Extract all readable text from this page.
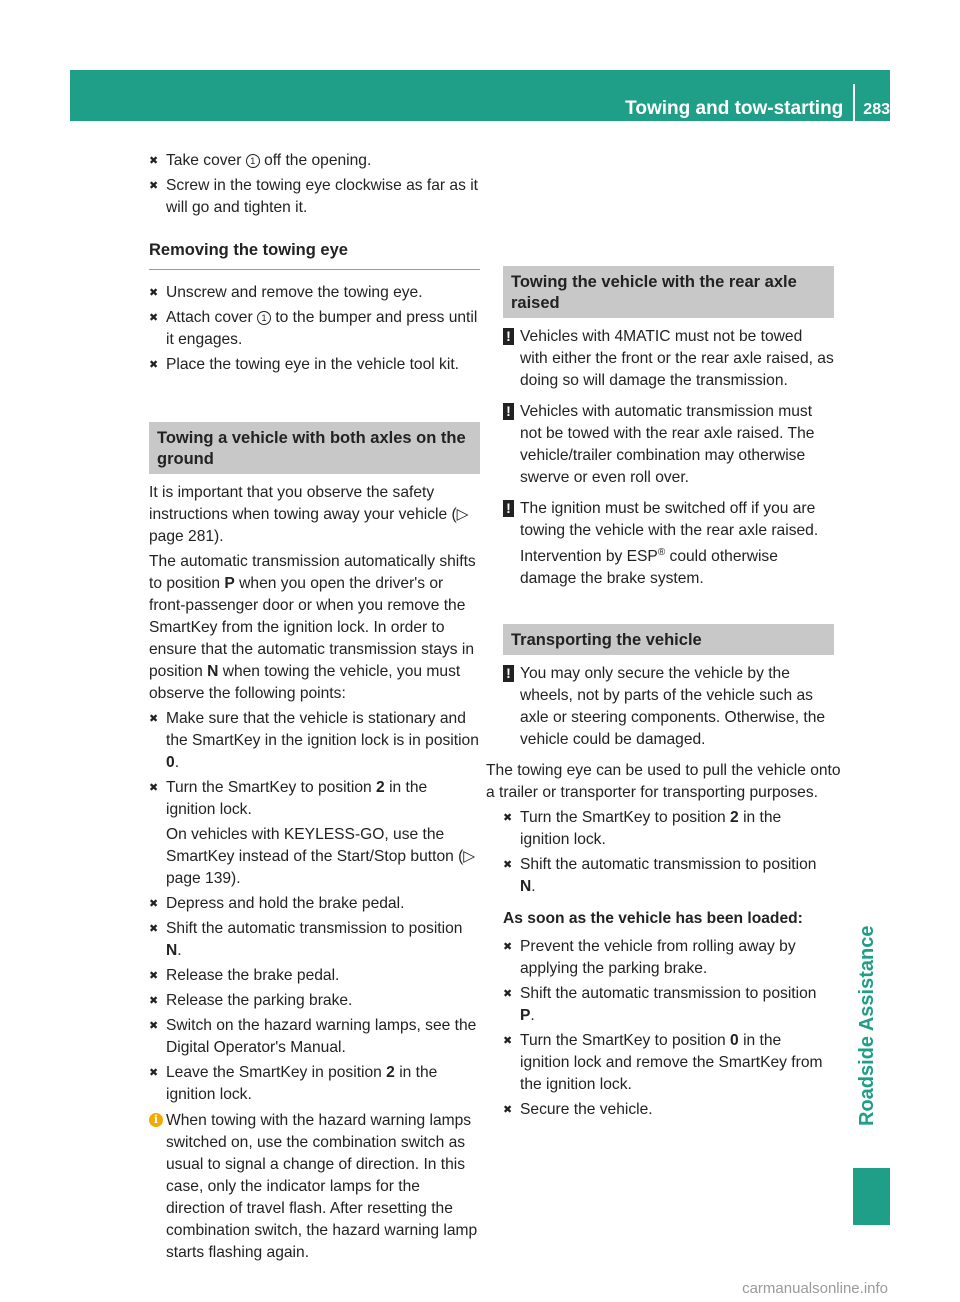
Towing and tow-starting 283
Roadside Assistance
✖ Take cover 1 off the opening.
✖ Screw in the towing eye clockwise as far as it will go and tighten it.
Removing the towing eye
✖ Unscrew and remove the towing eye.
✖ Attach cover 1 to the bumper and press until it engages.
✖ Place the towing eye in the vehicle tool kit.
Towing a vehicle with both axles on the ground

It is important that you observe the safety instructions when towing away your vehicle (▷ page 281).

The automatic transmission automatically shifts to position P when you open the driver's or front-passenger door or when you remove the SmartKey from the ignition lock. In order to ensure that the automatic transmission stays in position N when towing the vehicle, you must observe the following points:

✖ Make sure that the vehicle is stationary and the SmartKey in the ignition lock is in position 0.
✖ Turn the SmartKey to position 2 in the ignition lock.
On vehicles with KEYLESS-GO, use the SmartKey instead of the Start/Stop button (▷ page 139).
✖ Depress and hold the brake pedal.
✖ Shift the automatic transmission to position N.
✖ Release the brake pedal.
✖ Release the parking brake.
✖ Switch on the hazard warning lamps, see the Digital Operator's Manual.
✖ Leave the SmartKey in position 2 in the ignition lock.
i When towing with the hazard warning lamps switched on, use the combination switch as usual to signal a change of direction. In this case, only the indicator lamps for the direction of travel flash. After resetting the combination switch, the hazard warning lamp starts flashing again.
Towing the vehicle with the rear axle raised
! Vehicles with 4MATIC must not be towed with either the front or the rear axle raised, as doing so will damage the transmission.
! Vehicles with automatic transmission must not be towed with the rear axle raised. The vehicle/trailer combination may otherwise swerve or even roll over.
! The ignition must be switched off if you are towing the vehicle with the rear axle raised. Intervention by ESP® could otherwise damage the brake system.
Transporting the vehicle
! You may only secure the vehicle by the wheels, not by parts of the vehicle such as axle or steering components. Otherwise, the vehicle could be damaged.

The towing eye can be used to pull the vehicle onto a trailer or transporter for transporting purposes.

✖ Turn the SmartKey to position 2 in the ignition lock.
✖ Shift the automatic transmission to position N.
As soon as the vehicle has been loaded:
✖ Prevent the vehicle from rolling away by applying the parking brake.
✖ Shift the automatic transmission to position P.
✖ Turn the SmartKey to position 0 in the ignition lock and remove the SmartKey from the ignition lock.
✖ Secure the vehicle.
carmanualsonline.info
